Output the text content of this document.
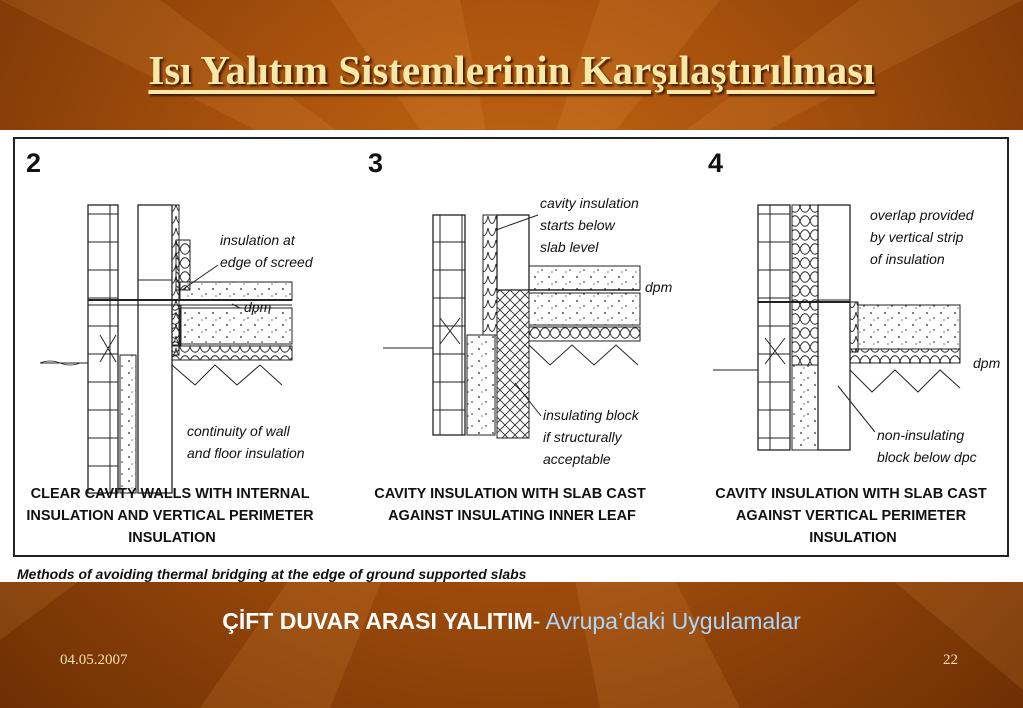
Isı Yalıtım Sistemlerinin Karşılaştırılması
2
insulation at edge of screed
dpm
continuity of wall and floor insulation
CLEAR CAVITY WALLS WITH INTERNAL INSULATION AND VERTICAL PERIMETER INSULATION
3
cavity insulation starts below slab level
dpm
insulating block if structurally acceptable
CAVITY INSULATION WITH SLAB CAST AGAINST INSULATING INNER LEAF
4
overlap provided by vertical strip of insulation
dpm
non-insulating block below dpc
CAVITY INSULATION WITH SLAB CAST AGAINST VERTICAL PERIMETER INSULATION
Methods of avoiding thermal bridging at the edge of ground supported slabs
ÇİFT DUVAR ARASI YALITIM- Avrupa’daki Uygulamalar
04.05.2007	22
